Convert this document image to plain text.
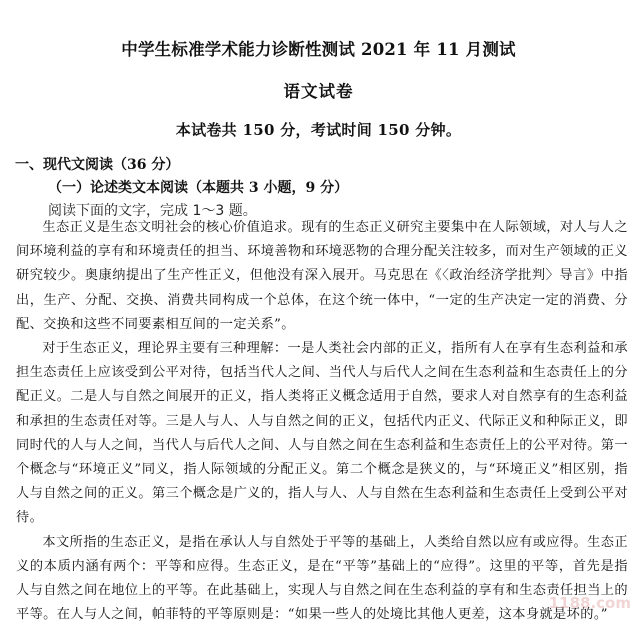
中学生标准学术能力诊断性测试 2021 年 11 月测试
语文试卷
本试卷共 150 分，考试时间 150 分钟。
一、现代文阅读（36 分）
（一）论述类文本阅读（本题共 3 小题，9 分）
阅读下面的文字，完成 1～3 题。

生态正义是生态文明社会的核心价值追求。现有的生态正义研究主要集中在人际领域，对人与人之间环境利益的享有和环境责任的担当、环境善物和环境恶物的合理分配关注较多，而对生产领域的正义研究较少。奥康纳提出了生产性正义，但他没有深入展开。马克思在《〈政治经济学批判〉导言》中指出，生产、分配、交换、消费共同构成一个总体，在这个统一体中，“一定的生产决定一定的消费、分配、交换和这些不同要素相互间的一定关系”。

对于生态正义，理论界主要有三种理解：一是人类社会内部的正义，指所有人在享有生态利益和承担生态责任上应该受到公平对待，包括当代人之间、当代人与后代人之间在生态利益和生态责任上的分配正义。二是人与自然之间展开的正义，指人类将正义概念适用于自然，要求人对自然享有的生态利益和承担的生态责任对等。三是人与人、人与自然之间的正义，包括代内正义、代际正义和种际正义，即同时代的人与人之间，当代人与后代人之间、人与自然之间在生态利益和生态责任上的公平对待。第一个概念与“环境正义”同义，指人际领域的分配正义。第二个概念是狭义的，与“环境正义”相区别，指人与自然之间的正义。第三个概念是广义的，指人与人、人与自然在生态利益和生态责任上受到公平对待。

本文所指的生态正义，是指在承认人与自然处于平等的基础上，人类给自然以应有或应得。生态正义的本质内涵有两个：平等和应得。生态正义，是在“平等”基础上的“应得”。这里的平等，首先是指人与自然之间在地位上的平等。在此基础上，实现人与自然之间在生态利益的享有和生态责任担当上的平等。在人与人之间，帕菲特的平等原则是：“如果一些人的处境比其他人更差，这本身就是坏的。”

1188.com
